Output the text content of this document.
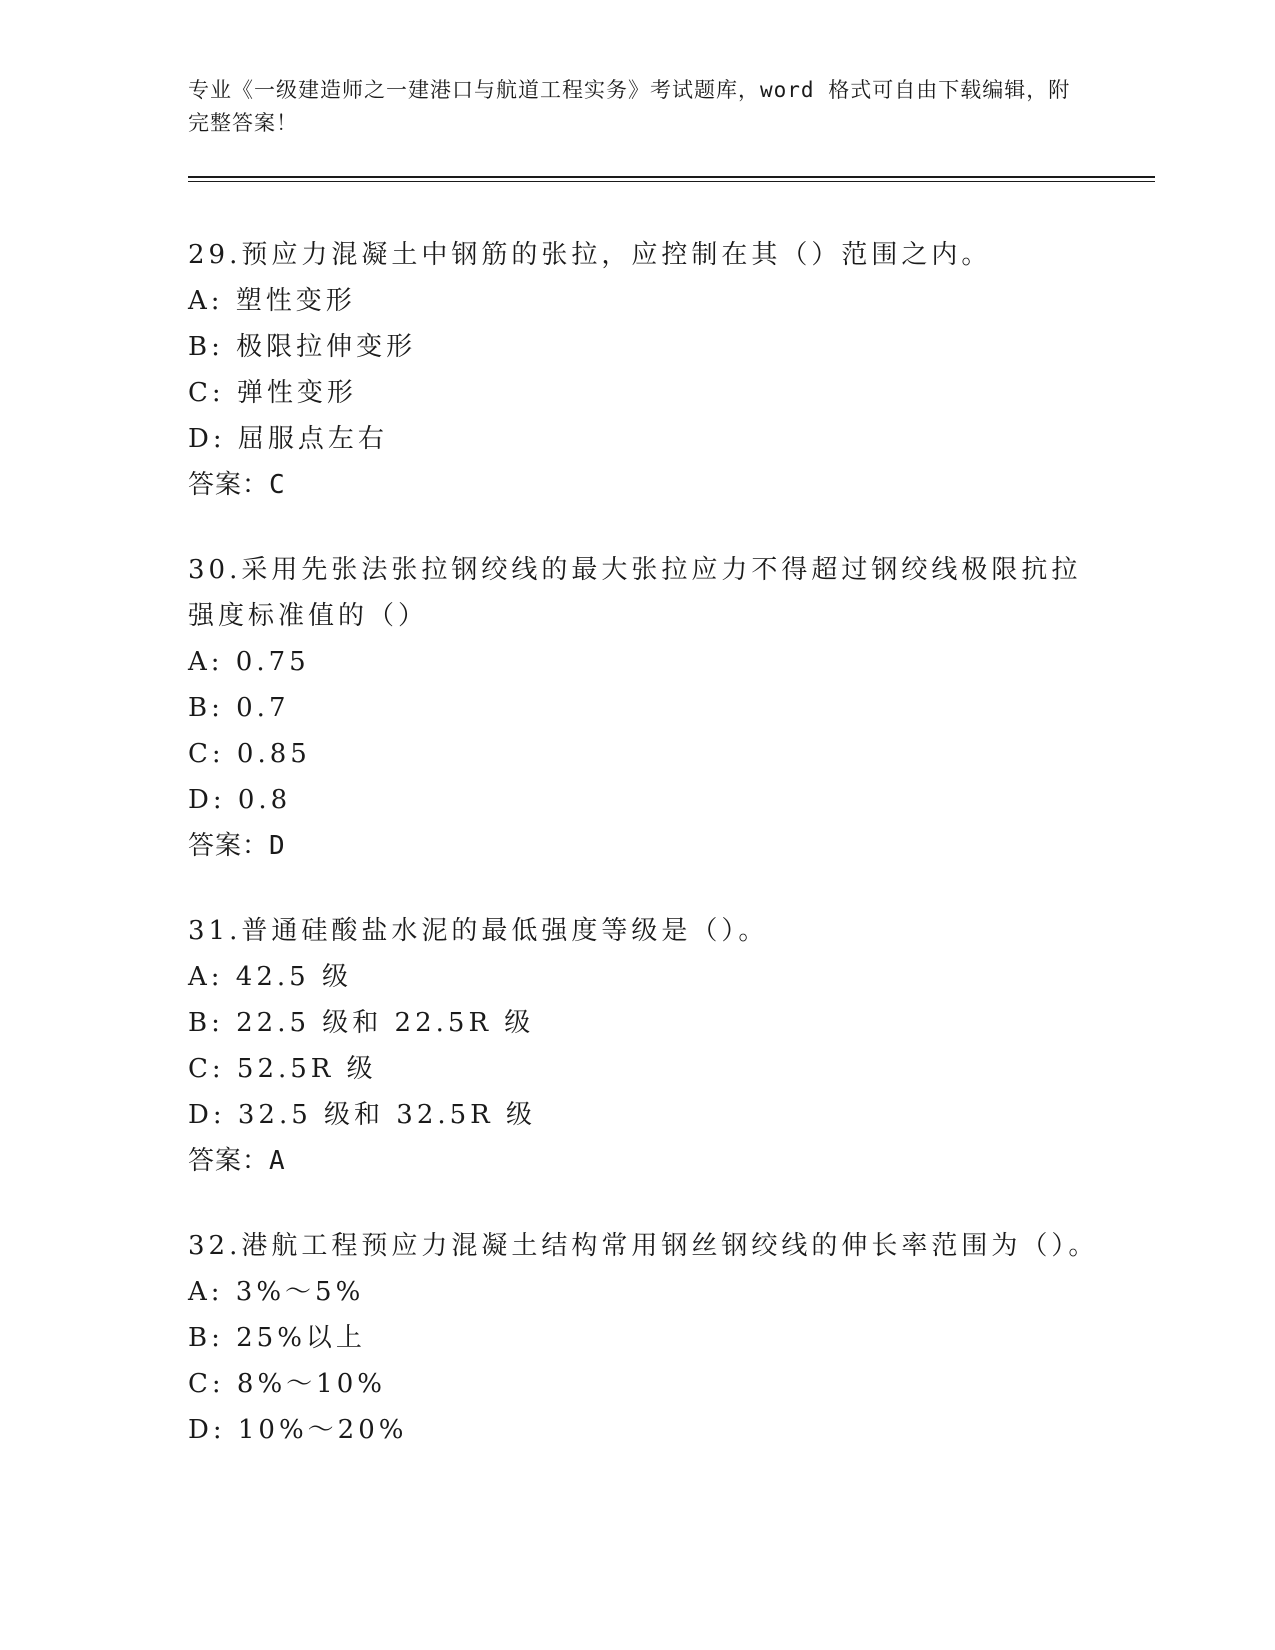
专业《一级建造师之一建港口与航道工程实务》考试题库，word 格式可自由下载编辑，附完整答案！

29.预应力混凝土中钢筋的张拉，应控制在其（）范围之内。

A: 塑性变形

B: 极限拉伸变形

C: 弹性变形

D: 屈服点左右

答案：C

30.采用先张法张拉钢绞线的最大张拉应力不得超过钢绞线极限抗拉强度标准值的（）

A: 0.75

B: 0.7

C: 0.85

D: 0.8

答案：D

31.普通硅酸盐水泥的最低强度等级是（）。

A: 42.5 级

B: 22.5 级和 22.5R 级

C: 52.5R 级

D: 32.5 级和 32.5R 级

答案：A

32.港航工程预应力混凝土结构常用钢丝钢绞线的伸长率范围为（）。

A: 3%～5%

B: 25%以上

C: 8%～10%

D: 10%～20%
